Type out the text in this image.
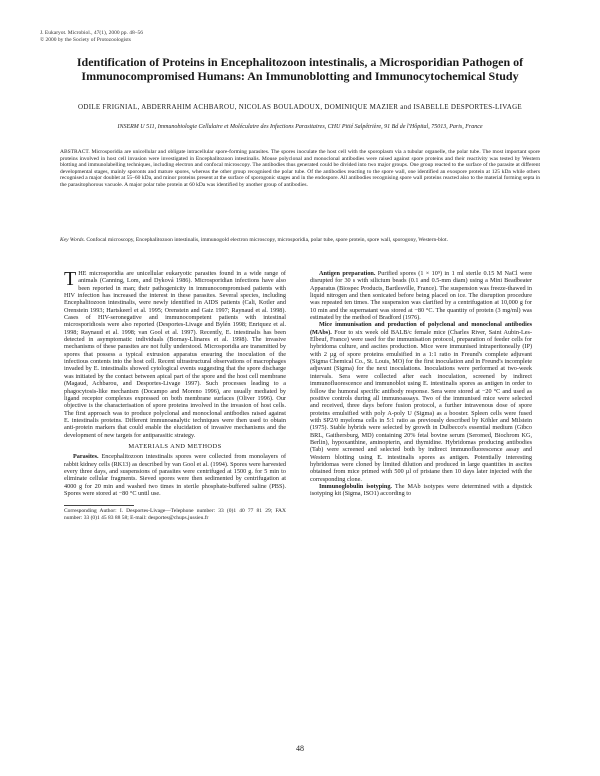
J. Eukaryot. Microbiol., 47(1), 2000 pp. 48–56
© 2000 by the Society of Protozoologists
Identification of Proteins in Encephalitozoon intestinalis, a Microsporidian Pathogen of Immunocompromised Humans: An Immunoblotting and Immunocytochemical Study
ODILE FRIGNIAL, ABDERRAHIM ACHBAROU, NICOLAS BOULADOUX, DOMINIQUE MAZIER and ISABELLE DESPORTES-LIVAGE
INSERM U 511, Immunobiologie Cellulaire et Moléculaire des Infections Parasitaires, CHU Pitié Salpêtrière, 91 Bd de l'Hôpital, 75013, Paris, France
ABSTRACT. Microsporidia are unicellular and obligate intracellular spore-forming parasites. The spores inoculate the host cell with the sporoplasm via a tubular organelle, the polar tube. The most important spore proteins involved in host cell invasion were investigated in Encephalitozoon intestinalis. Mouse polyclonal and monoclonal antibodies were raised against spore proteins and their reactivity was tested by Western blotting and immunolabelling techniques, including electron and confocal microscopy. The antibodies thus generated could be divided into two major groups. One group reacted to the surface of the parasite at different developmental stages, mainly sporonts and mature spores, whereas the other group recognised the polar tube. Of the antibodies reacting to the spore wall, one identified an exospore protein at 125 kDa while others recognised a major doublet at 55–60 kDa, and minor proteins present at the surface of sporogonic stages and in the endospore. All antibodies recognising spore wall proteins reacted also to the material forming septa in the parasitophorous vacuole. A major polar tube protein at 60 kDa was identified by another group of antibodies.
Key Words. Confocal microscopy, Encephalitozoon intestinalis, immunogold electron microscopy, microsporidia, polar tube, spore protein, spore wall, sporogony, Western-blot.

THE microsporidia are unicellular eukaryotic parasites found in a wide range of animals (Canning, Lom, and Dyková 1986). Microsporidian infections have also been reported in man; their pathogenicity in immunocompromised patients with HIV infection has increased the interest in these parasites. Several species, including Encephalitozoon intestinalis, were newly identified in AIDS patients (Cali, Kotler and Orenstein 1993; Hartskeerl et al. 1995; Orenstein and Gaiz 1997; Raynaud et al. 1998). Cases of HIV-seronegative and immunocompetent patients with intestinal microsporidiosis were also reported (Desportes-Livage and Bylén 1998; Enriquez et al. 1998; Raynaud et al. 1998; van Gool et al. 1997). Recently, E. intestinalis has been detected in asymptomatic individuals (Bornay-Llinares et al. 1998). The invasive mechanisms of these parasites are not fully understood. Microsporidia are transmitted by spores that possess a typical extrusion apparatus ensuring the inoculation of the infectious contents into the host cell. Recent ultrastructural observations of macrophages invaded by E. intestinalis showed cytological events suggesting that the spore discharge was initiated by the contact between apical part of the spore and the host cell membrane (Magaud, Achbarou, and Desportes-Livage 1997). Such processes leading to a phagocytosis-like mechanism (Docampo and Moreno 1996), are usually mediated by ligand receptor complexes expressed on both membrane surfaces (Oliver 1996). Our objective is the characterisation of spore proteins involved in the invasion of host cells. The first approach was to produce polyclonal and monoclonal antibodies raised against E. intestinalis proteins. Different immunoanalytic techniques were then used to obtain anti-protein markers that could enable the elucidation of invasive mechanisms and the development of new targets for antiparasitic strategy.

MATERIALS AND METHODS

Parasites. Encephalitozoon intestinalis spores were collected from monolayers of rabbit kidney cells (RK13) as described by van Gool et al. (1994). Spores were harvested every three days, and suspensions of parasites were centrifuged at 1500 g. for 5 min to eliminate cellular fragments. Sieved spores were then sedimented by centrifugation at 4000 g for 20 min and washed two times in sterile phosphate-buffered saline (PBS). Spores were stored at −80 °C until use.

Corresponding Author: I. Desportes-Livage—Telephone number: 33 (0)1 40 77 81 29; FAX number: 33 (0)1 45 83 88 58; E-mail: desportes@chups.jussieu.fr

Antigen preparation. Purified spores (1 × 10⁹) in 1 ml sterile 0.15 M NaCl were disrupted for 30 s with silicium beads (0.1 and 0.5-mm diam) using a Mini Beadbeater Apparatus (Biospec Products, Bartlesville, France). The suspension was freeze-thawed in liquid nitrogen and then sonicated before being placed on ice. The disruption procedure was repeated ten times. The suspension was clarified by a centrifugation at 10,000 g for 10 min and the supernatant was stored at −80 °C. The quantity of protein (3 mg/ml) was estimated by the method of Bradford (1976).

Mice immunisation and production of polyclonal and monoclonal antibodies (MAbs). Four to six week old BALB/c female mice (Charles River, Saint Aubin-Les-Elbeuf, France) were used for the immunisation protocol, preparation of feeder cells for hybridoma culture, and ascites production. Mice were immunised intraperitoneally (IP) with 2 µg of spore proteins emulsified in a 1:1 ratio in Freund's complete adjuvant (Sigma Chemical Co., St. Louis, MO) for the first inoculation and in Freund's incomplete adjuvant (Sigma) for the next inoculations. Inoculations were performed at two-week intervals. Sera were collected after each inoculation, screened by indirect immunofluorescence and immunoblot using E. intestinalis spores as antigen in order to follow the humoral specific antibody response. Sera were stored at −20 °C and used as positive controls during all immunoassays. Two of the immunised mice were selected and received, three days before fusion protocol, a further intravenous dose of spore proteins emulsified with poly A-poly U (Sigma) as a booster. Spleen cells were fused with SP2/0 myeloma cells in 5:1 ratio as previously described by Köhler and Milstein (1975). Stable hybrids were selected by growth in Dulbecco's essential medium (Gibco BRL, Gaithersburg, MD) containing 20% fetal bovine serum (Seromed, Biochrom KG, Berlin), hypoxanthine, aminopterin, and thymidine. Hybridomas producing antibodies (Tab) were screened and selected both by indirect immunofluorescence assay and Western blotting using E. intestinalis spores as antigen. Potentially interesting hybridomas were cloned by limited dilution and produced in large quantities in ascites obtained from mice primed with 500 µl of pristane then 10 days later injected with the corresponding clone.

Immunoglobulin isotyping. The MAb isotypes were determined with a dipstick isotyping kit (Sigma, ISO1) according to

48
